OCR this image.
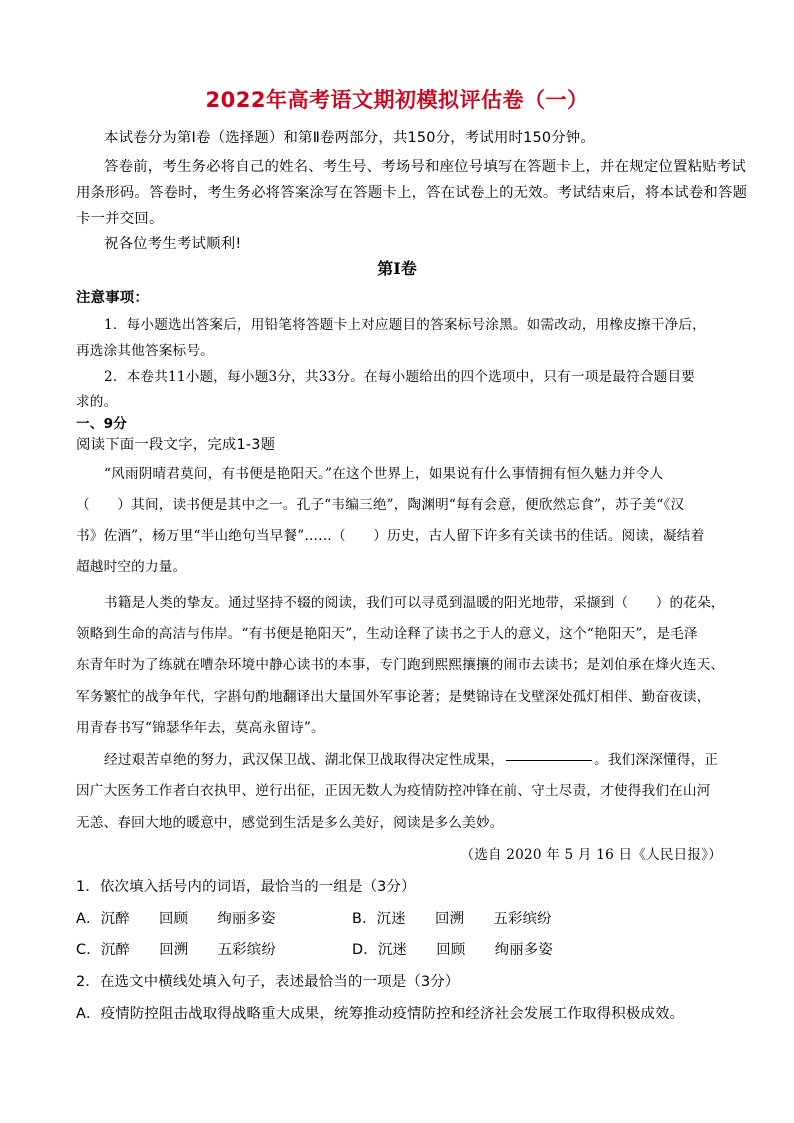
2022年高考语文期初模拟评估卷（一）
本试卷分为第Ⅰ卷（选择题）和第Ⅱ卷两部分，共150分，考试用时150分钟。
答卷前，考生务必将自己的姓名、考生号、考场号和座位号填写在答题卡上，并在规定位置粘贴考试
用条形码。答卷时，考生务必将答案涂写在答题卡上，答在试卷上的无效。考试结束后，将本试卷和答题
卡一并交回。
祝各位考生考试顺利!
第Ⅰ卷
注意事项：
1．每小题选出答案后，用铅笔将答题卡上对应题目的答案标号涂黑。如需改动，用橡皮擦干净后，
再选涂其他答案标号。
2．本卷共11小题，每小题3分，共33分。在每小题给出的四个选项中，只有一项是最符合题目要
求的。
一、9分
阅读下面一段文字，完成1-3题
“风雨阴晴君莫问，有书便是艳阳天。”在这个世界上，如果说有什么事情拥有恒久魅力并令人
（　　）其间，读书便是其中之一。孔子“韦编三绝”，陶渊明“每有会意，便欣然忘食”，苏子美“《汉
书》佐酒”，杨万里“半山绝句当早餐”……（　　）历史，古人留下许多有关读书的佳话。阅读，凝结着
超越时空的力量。
书籍是人类的挚友。通过坚持不辍的阅读，我们可以寻觅到温暖的阳光地带，采撷到（　　）的花朵，
领略到生命的高洁与伟岸。“有书便是艳阳天”，生动诠释了读书之于人的意义，这个“艳阳天”，是毛泽
东青年时为了练就在嘈杂环境中静心读书的本事，专门跑到熙熙攘攘的闹市去读书；是刘伯承在烽火连天、
军务繁忙的战争年代，字斟句酌地翻译出大量国外军事论著；是樊锦诗在戈壁深处孤灯相伴、勤奋夜读，
用青春书写“锦瑟华年去，莫高永留诗”。
经过艰苦卓绝的努力，武汉保卫战、湖北保卫战取得决定性成果，	。我们深深懂得，正
因广大医务工作者白衣执甲、逆行出征，正因无数人为疫情防控冲锋在前、守土尽责，才使得我们在山河
无恙、春回大地的暖意中，感觉到生活是多么美好，阅读是多么美妙。
（选自 2020 年 5 月 16 日《人民日报》）
1．依次填入括号内的词语，最恰当的一组是（3分）
A．沉醉　　回顾　　绚丽多姿	B．沉迷　　回溯　　五彩缤纷
C．沉醉　　回溯　　五彩缤纷	D．沉迷　　回顾　　绚丽多姿
2．在选文中横线处填入句子，表述最恰当的一项是（3分）
A．疫情防控阻击战取得战略重大成果，统筹推动疫情防控和经济社会发展工作取得积极成效。
